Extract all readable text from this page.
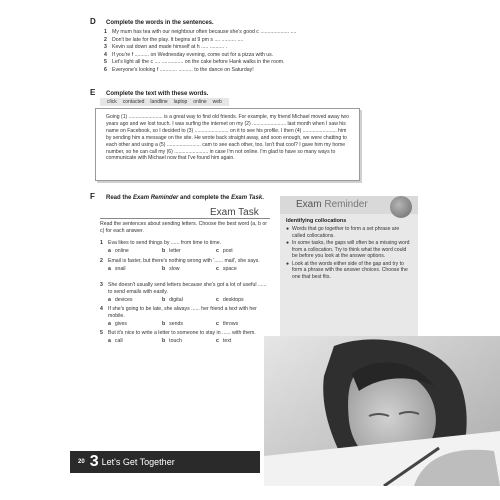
D	Complete the words in the sentences.
1 My mum has tea with our neighbour often because she's good c .................... ....
2 Don't be late for the play. It begins at 9 pm s .... .......... ....
3 Kevin sat down and made himself at h ..... .......... .
4 If you're f .......... on Wednesday evening, come out for a pizza with us.
5 Let's light all the c .... ............... on the cake before Hank walks in the room.
6 Everyone's looking f ............ .......... to the dance on Saturday!
E	Complete the text with these words.
click	contacted	landline	laptop	online	web

Going (1) ........................ is a great way to find old friends. For example, my friend Michael moved away two years ago and we lost touch. I was surfing the internet on my (2) ........................ last month when I saw his name on Facebook, so I decided to (3) ........................ on it to see his profile. I then (4) ........................ him by sending him a message on the site. He wrote back straight away, and soon enough, we were chatting to each other and using a (5) ........................ cam to see each other, too. Isn't that cool? I gave him my home number, so he can call my (6) ........................ in case I'm not online. I'm glad to have so many ways to communicate with Michael now that I've found him again.

F	Read the Exam Reminder and complete the Exam Task.
Exam Task
Read the sentences about sending letters. Choose the best word (a, b or c) for each answer.
1 Eva likes to send things by ...... from time to time.
a online	b letter	c post
2 Email is faster, but there's nothing wrong with '...... mail', she says.
a snail	b slow	c space
3 She doesn't usually send letters because she's got a lot of useful ...... to send emails with easily.
a devices	b digital	c desktops
4 If she's going to be late, she always ...... her friend a text with her mobile.
a gives	b sends	c throws
5 But it's nice to write a letter to someone to stay in ...... with them.
a call	b touch	c text
Exam Reminder
Identifying collocations
● Words that go together to form a set phrase are called collocations.
● In some tasks, the gaps will often be a missing word from a collocation. Try to think what the word could be before you look at the answer options.
● Look at the words either side of the gap and try to form a phrase with the answer choices. Choose the one that best fits.
20 3 Let's Get Together
